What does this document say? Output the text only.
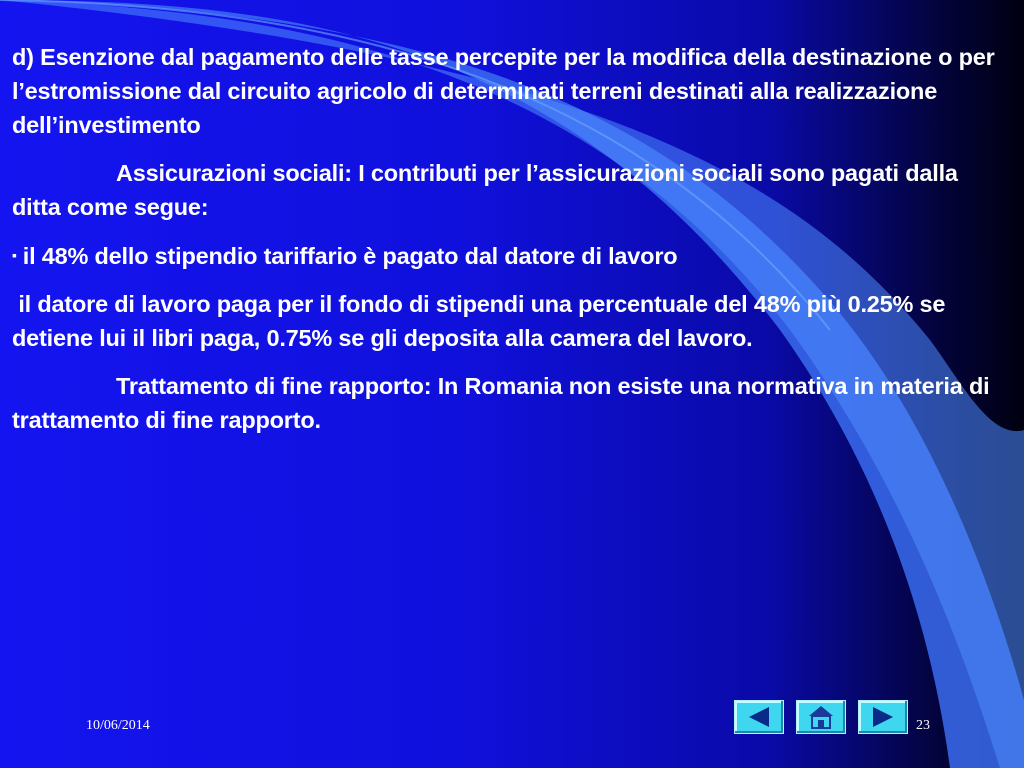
d) Esenzione dal pagamento delle tasse percepite per la modifica della destinazione o per l’estromissione dal circuito agricolo di determinati terreni destinati alla realizzazione dell’investimento

Assicurazioni sociali: I contributi per l’assicurazioni sociali sono pagati dalla ditta come segue:

▪ il 48% dello stipendio tariffario è pagato dal datore di lavoro

il datore di lavoro paga per il fondo di stipendi una percentuale del 48% più 0.25% se detiene lui il libri paga, 0.75% se gli deposita alla camera del lavoro.

Trattamento di fine rapporto: In Romania non esiste una normativa in materia di trattamento di fine rapporto.

10/06/2014	23
